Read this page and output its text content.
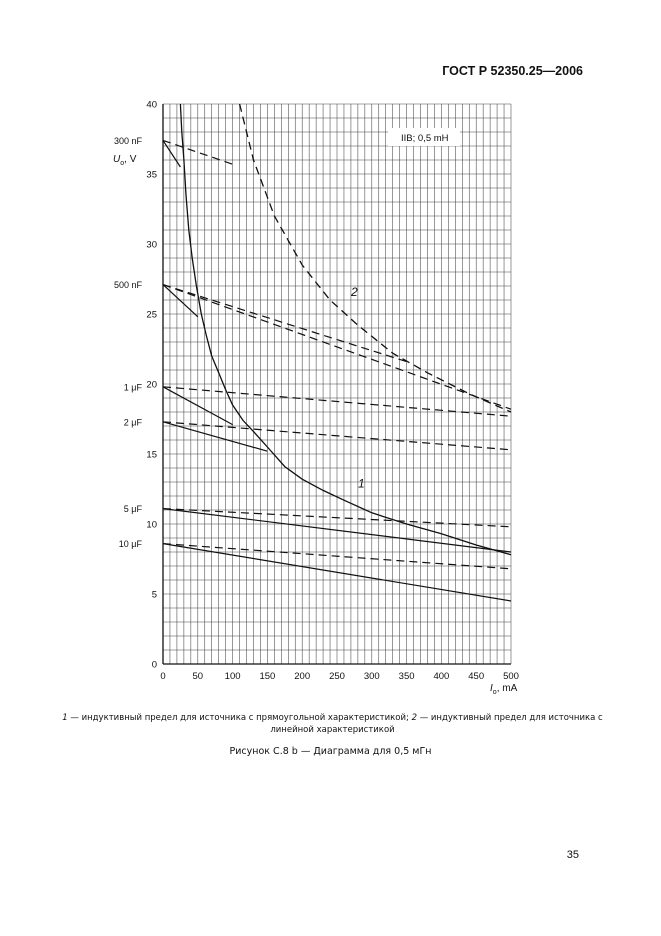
ГОСТ Р 52350.25—2006
0	50 100 150 200 250 300 350 400 450 500
0
5
10
15
20
25
30
35
40
$U_o$, V
$I_o$, mA
IIB; 0,5 mH
300 nF
500 nF
1 μF
2 μF
5 μF
10 μF
2
1
1 — индуктивный предел для источника с прямоугольной характеристикой; 2 — индуктивный предел для источника с линейной характеристикой
Рисунок С.8 b — Диаграмма для 0,5 мГн
35
